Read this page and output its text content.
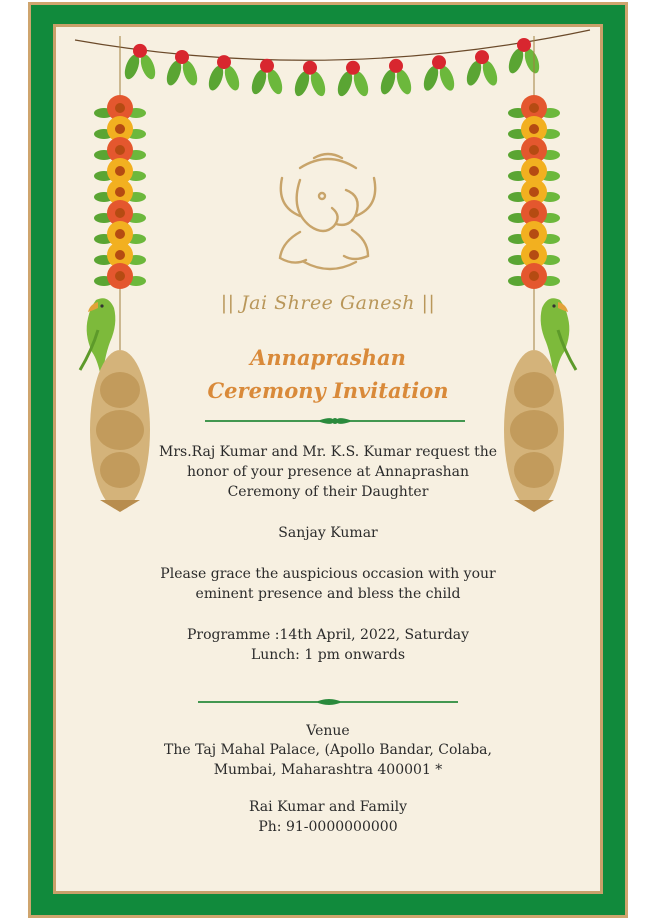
|| Jai Shree Ganesh ||
Annaprashan
Ceremony Invitation
Mrs.Raj Kumar and Mr. K.S. Kumar request the
honor of your presence at Annaprashan
Ceremony of their Daughter
Sanjay Kumar
Please grace the auspicious occasion with your
eminent presence and bless the child
Programme :14th April, 2022, Saturday
Lunch: 1 pm onwards
Venue
The Taj Mahal Palace, (Apollo Bandar, Colaba,
Mumbai, Maharashtra 400001 *
Rai Kumar and Family
Ph: 91-0000000000
